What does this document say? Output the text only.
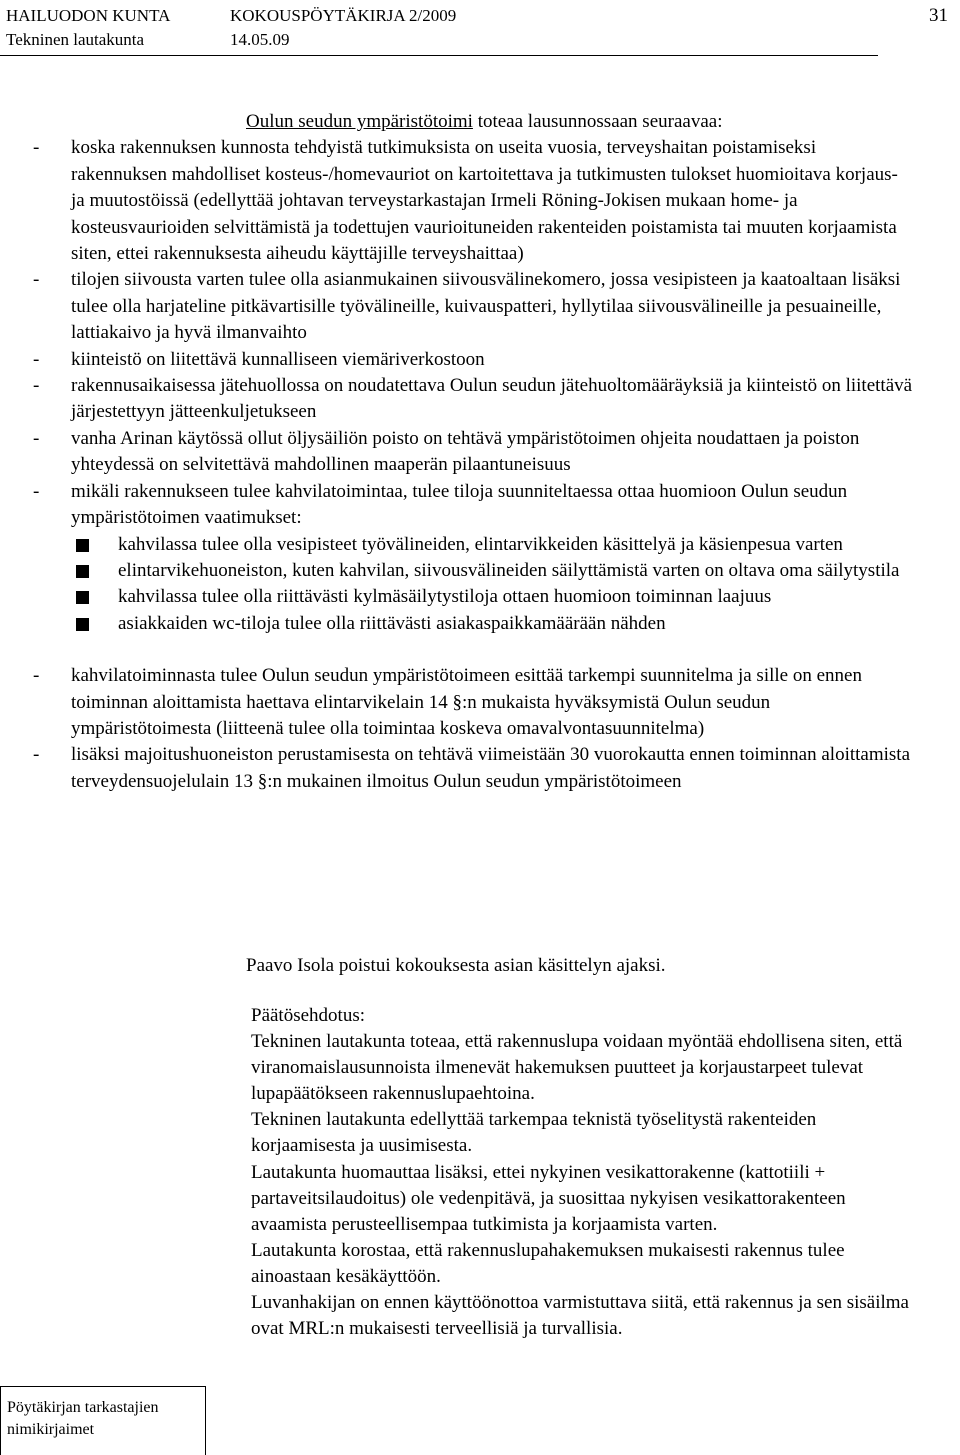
HAILUODON KUNTA	KOKOUSPÖYTÄKIRJA 2/2009
Tekninen lautakunta	14.05.09
31
Oulun seudun ympäristötoimi toteaa lausunnossaan seuraavaa:
- koska rakennuksen kunnosta tehdyistä tutkimuksista on useita vuosia, terveyshaitan poistamiseksi rakennuksen mahdolliset kosteus-/homevauriot on kartoitettava ja tutkimusten tulokset huomioitava korjaus- ja muutostöissä (edellyttää johtavan terveystarkastajan Irmeli Röning-Jokisen mukaan home- ja kosteusvaurioiden selvittämistä ja todettujen vaurioituneiden rakenteiden poistamista tai muuten korjaamista siten, ettei rakennuksesta aiheudu käyttäjille terveyshaittaa)
- tilojen siivousta varten tulee olla asianmukainen siivousvälinekomero, jossa vesipisteen ja kaatoaltaan lisäksi tulee olla harjateline pitkävartisille työvälineille, kuivauspatteri, hyllytilaa siivousvälineille ja pesuaineille, lattiakaivo ja hyvä ilmanvaihto
- kiinteistö on liitettävä kunnalliseen viemäriverkostoon
- rakennusaikaisessa jätehuollossa on noudatettava Oulun seudun jätehuoltomääräyksiä ja kiinteistö on liitettävä järjestettyyn jätteenkuljetukseen
- vanha Arinan käytössä ollut öljysäiliön poisto on tehtävä ympäristötoimen ohjeita noudattaen ja poiston yhteydessä on selvitettävä mahdollinen maaperän pilaantuneisuus
- mikäli rakennukseen tulee kahvilatoimintaa, tulee tiloja suunniteltaessa ottaa huomioon Oulun seudun ympäristötoimen vaatimukset:
kahvilassa tulee olla vesipisteet työvälineiden, elintarvikkeiden käsittelyä ja käsienpesua varten
elintarvikehuoneiston, kuten kahvilan, siivousvälineiden säilyttämistä varten on oltava oma säilytystila
kahvilassa tulee olla riittävästi kylmäsäilytystiloja ottaen huomioon toiminnan laajuus
asiakkaiden wc-tiloja tulee olla riittävästi asiakaspaikkamäärään nähden
- kahvilatoiminnasta tulee Oulun seudun ympäristötoimeen esittää tarkempi suunnitelma ja sille on ennen toiminnan aloittamista haettava elintarvikelain 14 §:n mukaista hyväksymistä Oulun seudun ympäristötoimesta (liitteenä tulee olla toimintaa koskeva omavalvontasuunnitelma)
- lisäksi majoitushuoneiston perustamisesta on tehtävä viimeistään 30 vuorokautta ennen toiminnan aloittamista terveydensuojelulain 13 §:n mukainen ilmoitus Oulun seudun ympäristötoimeen
Paavo Isola poistui kokouksesta asian käsittelyn ajaksi.

Päätösehdotus:

Tekninen lautakunta toteaa, että rakennuslupa voidaan myöntää ehdollisena siten, että viranomaislausunnoista ilmenevät hakemuksen puutteet ja korjaustarpeet tulevat lupapäätökseen rakennuslupaehtoina.

Tekninen lautakunta edellyttää tarkempaa teknistä työselitystä rakenteiden korjaamisesta ja uusimisesta.

Lautakunta huomauttaa lisäksi, ettei nykyinen vesikattorakenne (kattotiili + partaveitsilaudoitus) ole vedenpitävä, ja suosittaa nykyisen vesikattorakenteen avaamista perusteellisempaa tutkimista ja korjaamista varten.

Lautakunta korostaa, että rakennuslupahakemuksen mukaisesti rakennus tulee ainoastaan kesäkäyttöön.

Luvanhakijan on ennen käyttöönottoa varmistuttava siitä, että rakennus ja sen sisäilma ovat MRL:n mukaisesti terveellisiä ja turvallisia.

Pöytäkirjan tarkastajien
nimikirjaimet
